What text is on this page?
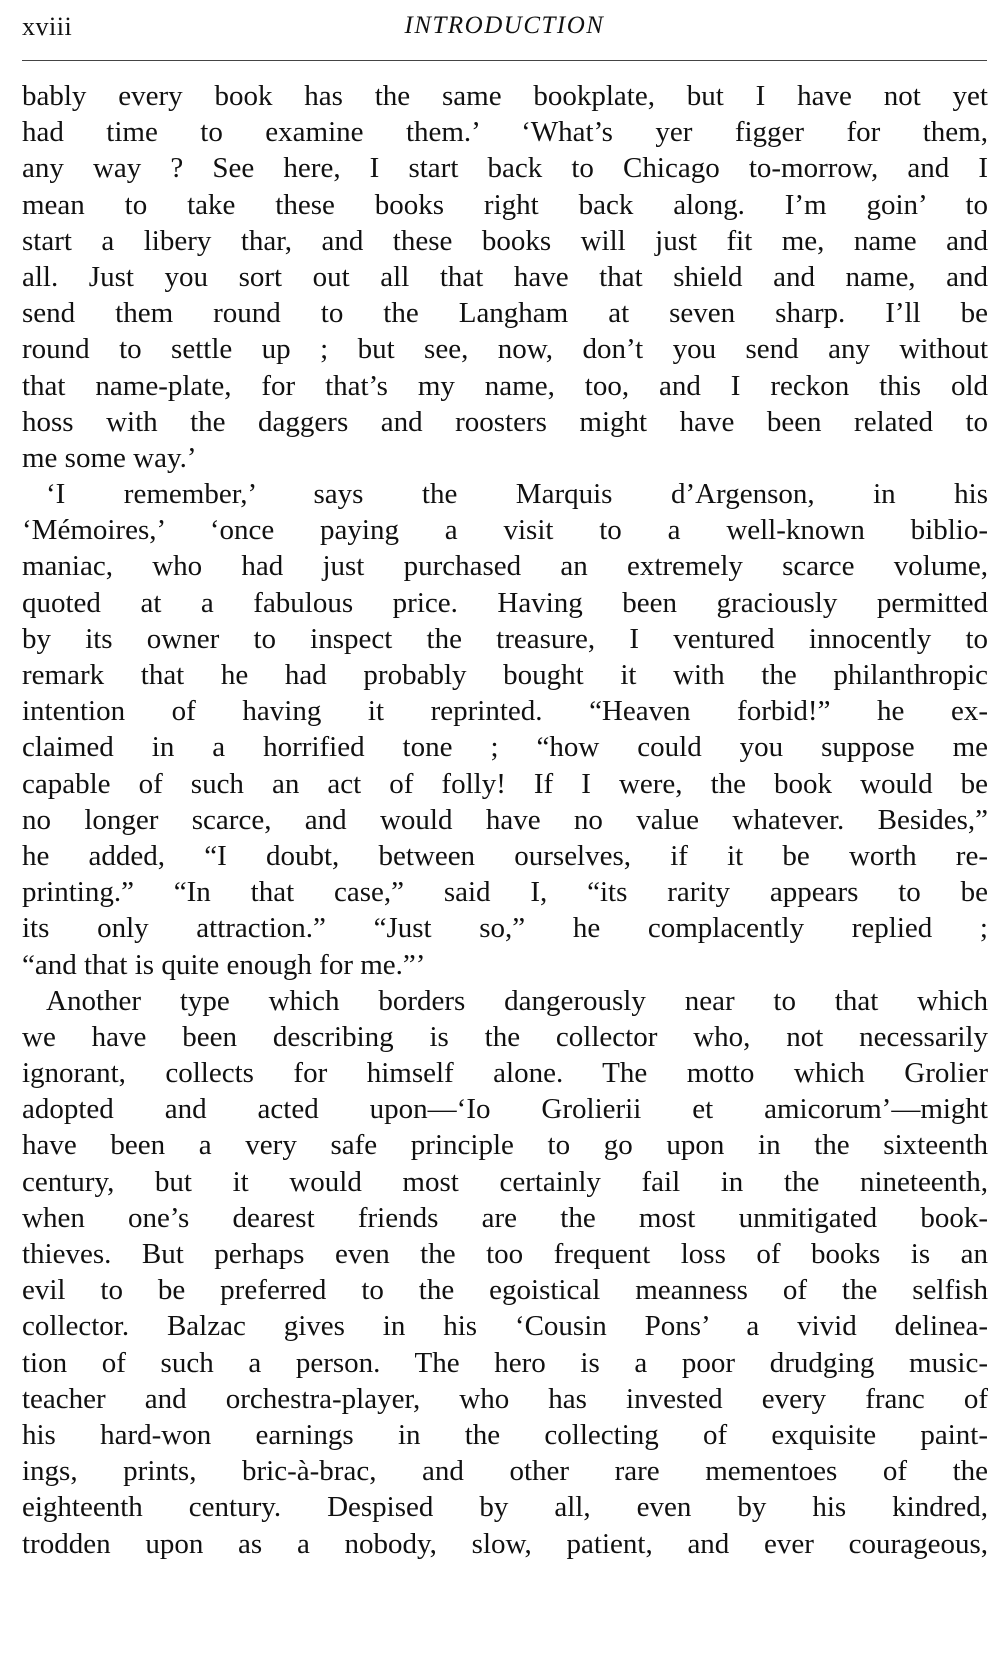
xviii	INTRODUCTION
bably every book has the same bookplate, but I have not yet
had time to examine them.’ ‘What’s yer figger for them,
any way ? See here, I start back to Chicago to-morrow, and I
mean to take these books right back along. I’m goin’ to
start a libery thar, and these books will just fit me, name and
all. Just you sort out all that have that shield and name, and
send them round to the Langham at seven sharp. I’ll be
round to settle up ; but see, now, don’t you send any without
that name-plate, for that’s my name, too, and I reckon this old
hoss with the daggers and roosters might have been related to
me some way.’
‘I remember,’ says the Marquis d’Argenson, in his
‘Mémoires,’ ‘once paying a visit to a well-known biblio-
maniac, who had just purchased an extremely scarce volume,
quoted at a fabulous price. Having been graciously permitted
by its owner to inspect the treasure, I ventured innocently to
remark that he had probably bought it with the philanthropic
intention of having it reprinted. “Heaven forbid!” he ex-
claimed in a horrified tone ; “how could you suppose me
capable of such an act of folly! If I were, the book would be
no longer scarce, and would have no value whatever. Besides,”
he added, “I doubt, between ourselves, if it be worth re-
printing.” “In that case,” said I, “its rarity appears to be
its only attraction.” “Just so,” he complacently replied ;
“and that is quite enough for me.”’
Another type which borders dangerously near to that which
we have been describing is the collector who, not necessarily
ignorant, collects for himself alone. The motto which Grolier
adopted and acted upon—‘Io Grolierii et amicorum’—might
have been a very safe principle to go upon in the sixteenth
century, but it would most certainly fail in the nineteenth,
when one’s dearest friends are the most unmitigated book-
thieves. But perhaps even the too frequent loss of books is an
evil to be preferred to the egoistical meanness of the selfish
collector. Balzac gives in his ‘Cousin Pons’ a vivid delinea-
tion of such a person. The hero is a poor drudging music-
teacher and orchestra-player, who has invested every franc of
his hard-won earnings in the collecting of exquisite paint-
ings, prints, bric-à-brac, and other rare mementoes of the
eighteenth century. Despised by all, even by his kindred,
trodden upon as a nobody, slow, patient, and ever courageous,
